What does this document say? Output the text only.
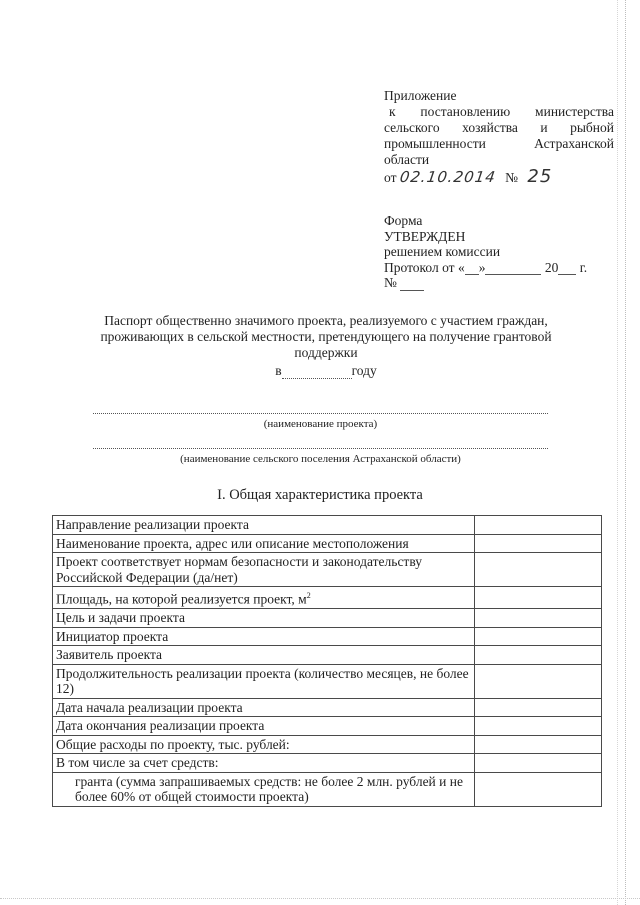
Приложение
к постановлению министерства
сельского хозяйства и рыбной
промышленности Астраханской
области
от 02.10.2014 № 25
Форма
УТВЕРЖДЕН
решением комиссии
Протокол от « »	20 г.
№
Паспорт общественно значимого проекта, реализуемого с участием граждан,
проживающих в сельской местности, претендующего на получение грантовой
поддержки
в	году
(наименование проекта)
(наименование сельского поселения Астраханской области)
I. Общая характеристика проекта
Направление реализации проекта	
Наименование проекта, адрес или описание местоположения	
Проект соответствует нормам безопасности и законодательству Российской Федерации (да/нет)	
Площадь, на которой реализуется проект, $м^2$	
Цель и задачи проекта	
Инициатор проекта	
Заявитель проекта	
Продолжительность реализации проекта (количество месяцев, не более 12)	
Дата начала реализации проекта	
Дата окончания реализации проекта	
Общие расходы по проекту, тыс. рублей:	
В том числе за счет средств:	
гранта (сумма запрашиваемых средств: не более 2 млн. рублей и не более 60% от общей стоимости проекта)	
